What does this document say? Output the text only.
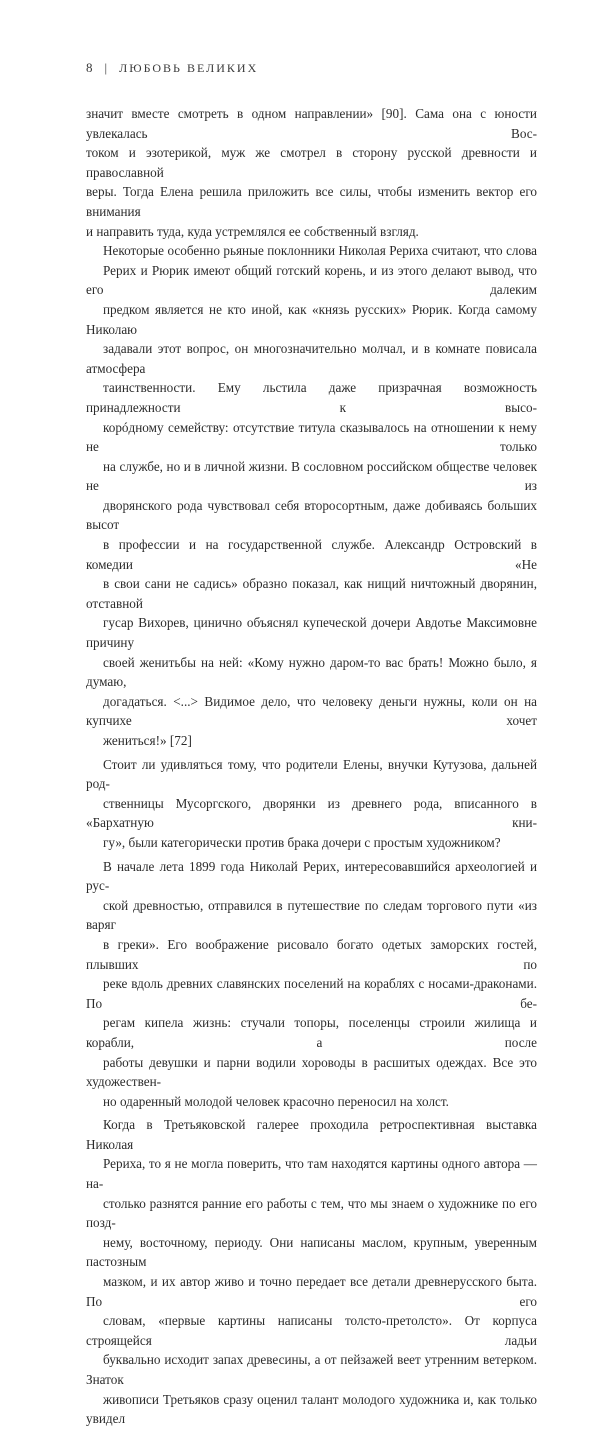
8 | ЛЮБОВЬ ВЕЛИКИХ
значит вместе смотреть в одном направлении» [90]. Сама она с юности увлекалась Вос-
током и эзотерикой, муж же смотрел в сторону русской древности и православной
веры. Тогда Елена решила приложить все силы, чтобы изменить вектор его внимания
и направить туда, куда устремлялся ее собственный взгляд.
Некоторые особенно рьяные поклонники Николая Рериха считают, что слова
Рерих и Рюрик имеют общий готский корень, и из этого делают вывод, что его далеким
предком является не кто иной, как «князь русских» Рюрик. Когда самому Николаю
задавали этот вопрос, он многозначительно молчал, и в комнате повисала атмосфера
таинственности. Ему льстила даже призрачная возможность принадлежности к высо-
корóдному семейству: отсутствие титула сказывалось на отношении к нему не только
на службе, но и в личной жизни. В сословном российском обществе человек не из
дворянского рода чувствовал себя второсортным, даже добиваясь больших высот
в профессии и на государственной службе. Александр Островский в комедии «Не
в свои сани не садись» образно показал, как нищий ничтожный дворянин, отставной
гусар Вихорев, цинично объяснял купеческой дочери Авдотье Максимовне причину
своей женитьбы на ней: «Кому нужно даром-то вас брать! Можно было, я думаю,
догадаться. <...> Видимое дело, что человеку деньги нужны, коли он на купчихе хочет
жениться!» [72]
Стоит ли удивляться тому, что родители Елены, внучки Кутузова, дальней род-
ственницы Мусоргского, дворянки из древнего рода, вписанного в «Бархатную кни-
гу», были категорически против брака дочери с простым художником?
В начале лета 1899 года Николай Рерих, интересовавшийся археологией и рус-
ской древностью, отправился в путешествие по следам торгового пути «из варяг
в греки». Его воображение рисовало богато одетых заморских гостей, плывших по
реке вдоль древних славянских поселений на кораблях с носами-драконами. По бе-
регам кипела жизнь: стучали топоры, поселенцы строили жилища и корабли, а после
работы девушки и парни водили хороводы в расшитых одеждах. Все это художествен-
но одаренный молодой человек красочно переносил на холст.
Когда в Третьяковской галерее проходила ретроспективная выставка Николая
Рериха, то я не могла поверить, что там находятся картины одного автора — на-
столько разнятся ранние его работы с тем, что мы знаем о художнике по его позд-
нему, восточному, периоду. Они написаны маслом, крупным, уверенным пастозным
мазком, и их автор живо и точно передает все детали древнерусского быта. По его
словам, «первые картины написаны толсто-претолсто». От корпуса строящейся ладьи
буквально исходит запах древесины, а от пейзажей веет утренним ветерком. Знаток
живописи Третьяков сразу оценил талант молодого художника и, как только увидел
